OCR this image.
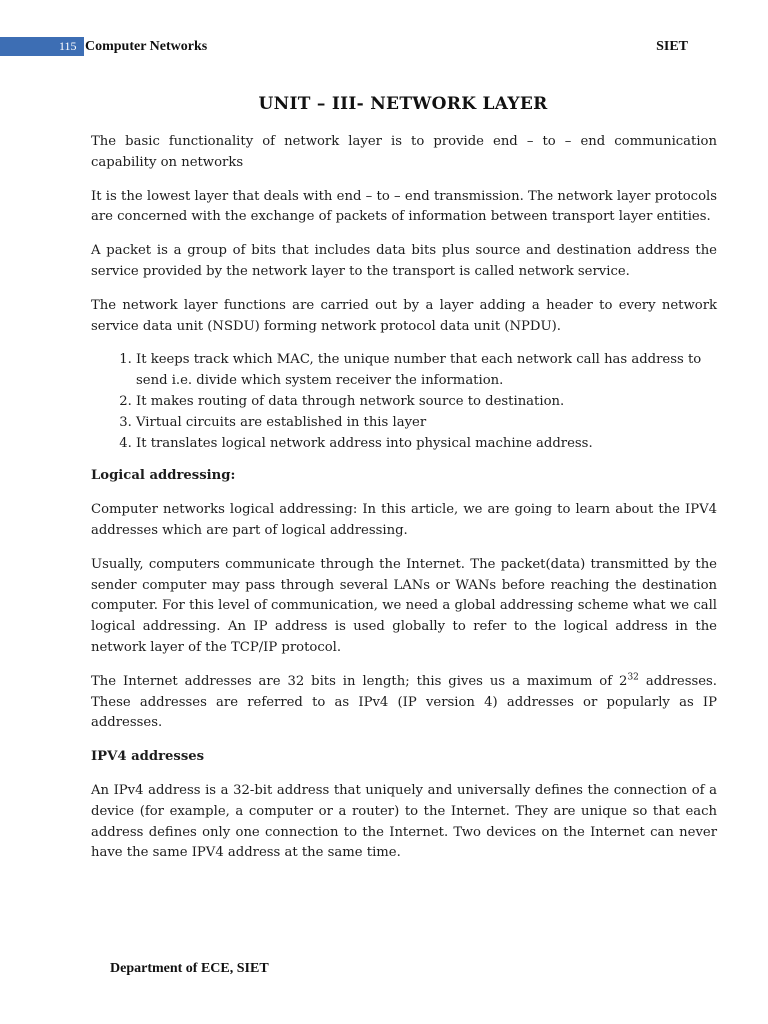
115 Computer Networks	SIET
UNIT – III- NETWORK LAYER

The basic functionality of network layer is to provide end – to – end communication capability on networks

It is the lowest layer that deals with end – to – end transmission. The network layer protocols are concerned with the exchange of packets of information between transport layer entities.

A packet is a group of bits that includes data bits plus source and destination address the service provided by the network layer to the transport is called network service.

The network layer functions are carried out by a layer adding a header to every network service data unit (NSDU) forming network protocol data unit (NPDU).

1. It keeps track which MAC, the unique number that each network call has address to send i.e. divide which system receiver the information.
2. It makes routing of data through network source to destination.
3. Virtual circuits are established in this layer
4. It translates logical network address into physical machine address.

Logical addressing:

Computer networks logical addressing: In this article, we are going to learn about the IPV4 addresses which are part of logical addressing.

Usually, computers communicate through the Internet. The packet(data) transmitted by the sender computer may pass through several LANs or WANs before reaching the destination computer. For this level of communication, we need a global addressing scheme what we call logical addressing. An IP address is used globally to refer to the logical address in the network layer of the TCP/IP protocol.

The Internet addresses are 32 bits in length; this gives us a maximum of $2^{32}$ addresses. These addresses are referred to as IPv4 (IP version 4) addresses or popularly as IP addresses.

IPV4 addresses

An IPv4 address is a 32-bit address that uniquely and universally defines the connection of a device (for example, a computer or a router) to the Internet. They are unique so that each address defines only one connection to the Internet. Two devices on the Internet can never have the same IPV4 address at the same time.

Department of ECE, SIET
